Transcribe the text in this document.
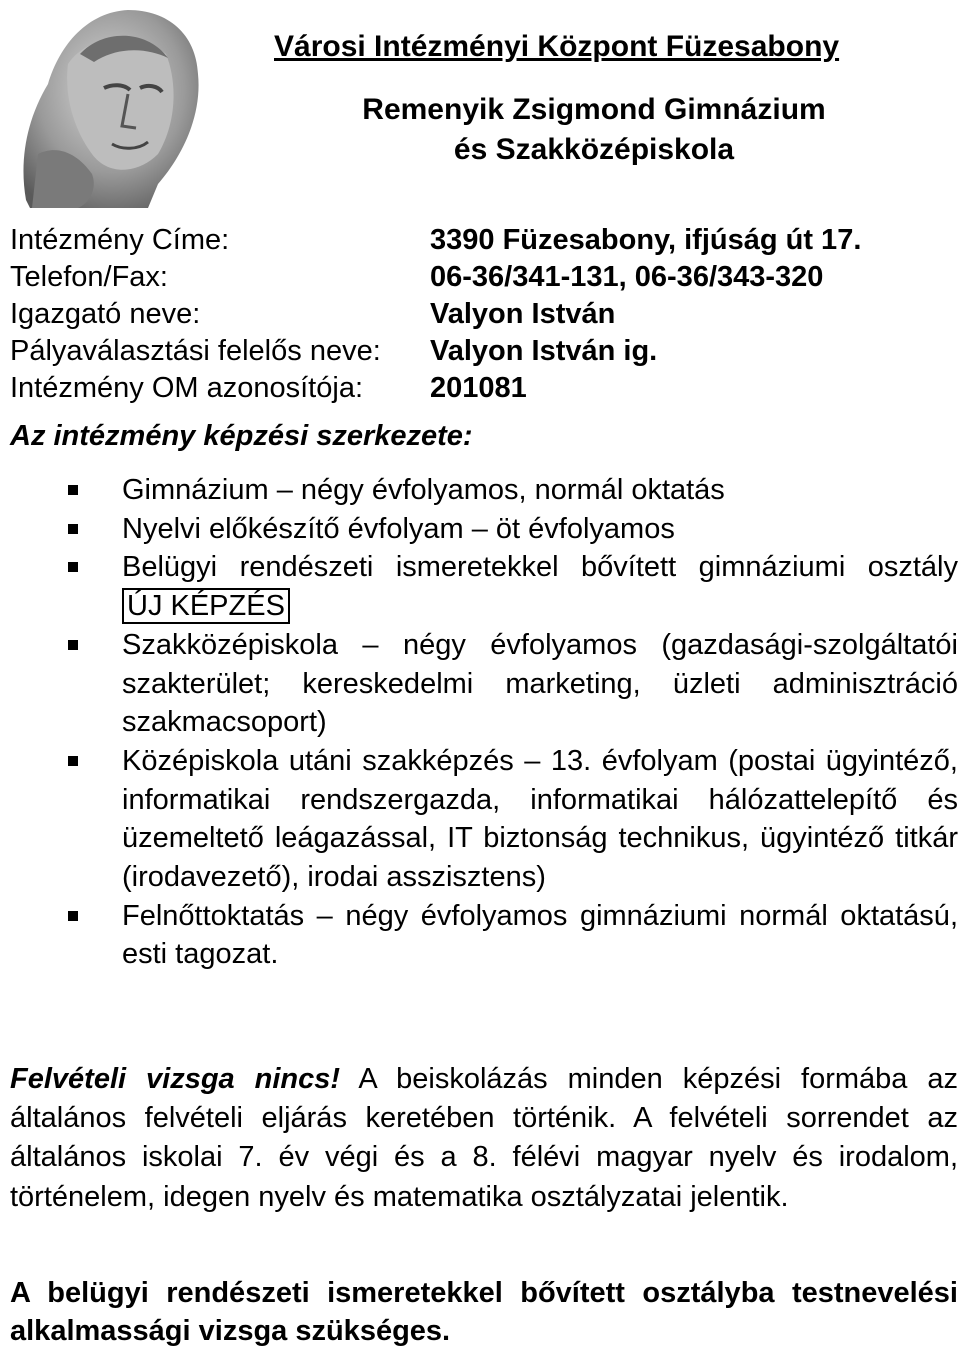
Városi Intézményi Központ Füzesabony
Remenyik Zsigmond Gimnázium
és Szakközépiskola
Intézmény Címe:	3390 Füzesabony, ifjúság út 17.
Telefon/Fax:	06-36/341-131, 06-36/343-320
Igazgató neve:	Valyon István
Pályaválasztási felelős neve:	Valyon István ig.
Intézmény OM azonosítója:	201081
Az intézmény képzési szerkezete:
Gimnázium – négy évfolyamos, normál oktatás
Nyelvi előkészítő évfolyam – öt évfolyamos
Belügyi rendészeti ismeretekkel bővített gimnáziumi osztály ÚJ KÉPZÉS
Szakközépiskola – négy évfolyamos (gazdasági-szolgáltatói szakterület; kereskedelmi marketing, üzleti adminisztráció szakmacsoport)
Középiskola utáni szakképzés – 13. évfolyam (postai ügyintéző, informatikai rendszergazda, informatikai hálózattelepítő és üzemeltető leágazással, IT biztonság technikus, ügyintéző titkár (irodavezető), irodai asszisztens)
Felnőttoktatás – négy évfolyamos gimnáziumi normál oktatású, esti tagozat.

Felvételi vizsga nincs! A beiskolázás minden képzési formába az általános felvételi eljárás keretében történik. A felvételi sorrendet az általános iskolai 7. év végi és a 8. félévi magyar nyelv és irodalom, történelem, idegen nyelv és matematika osztályzatai jelentik.

A belügyi rendészeti ismeretekkel bővített osztályba testnevelési alkalmassági vizsga szükséges.
